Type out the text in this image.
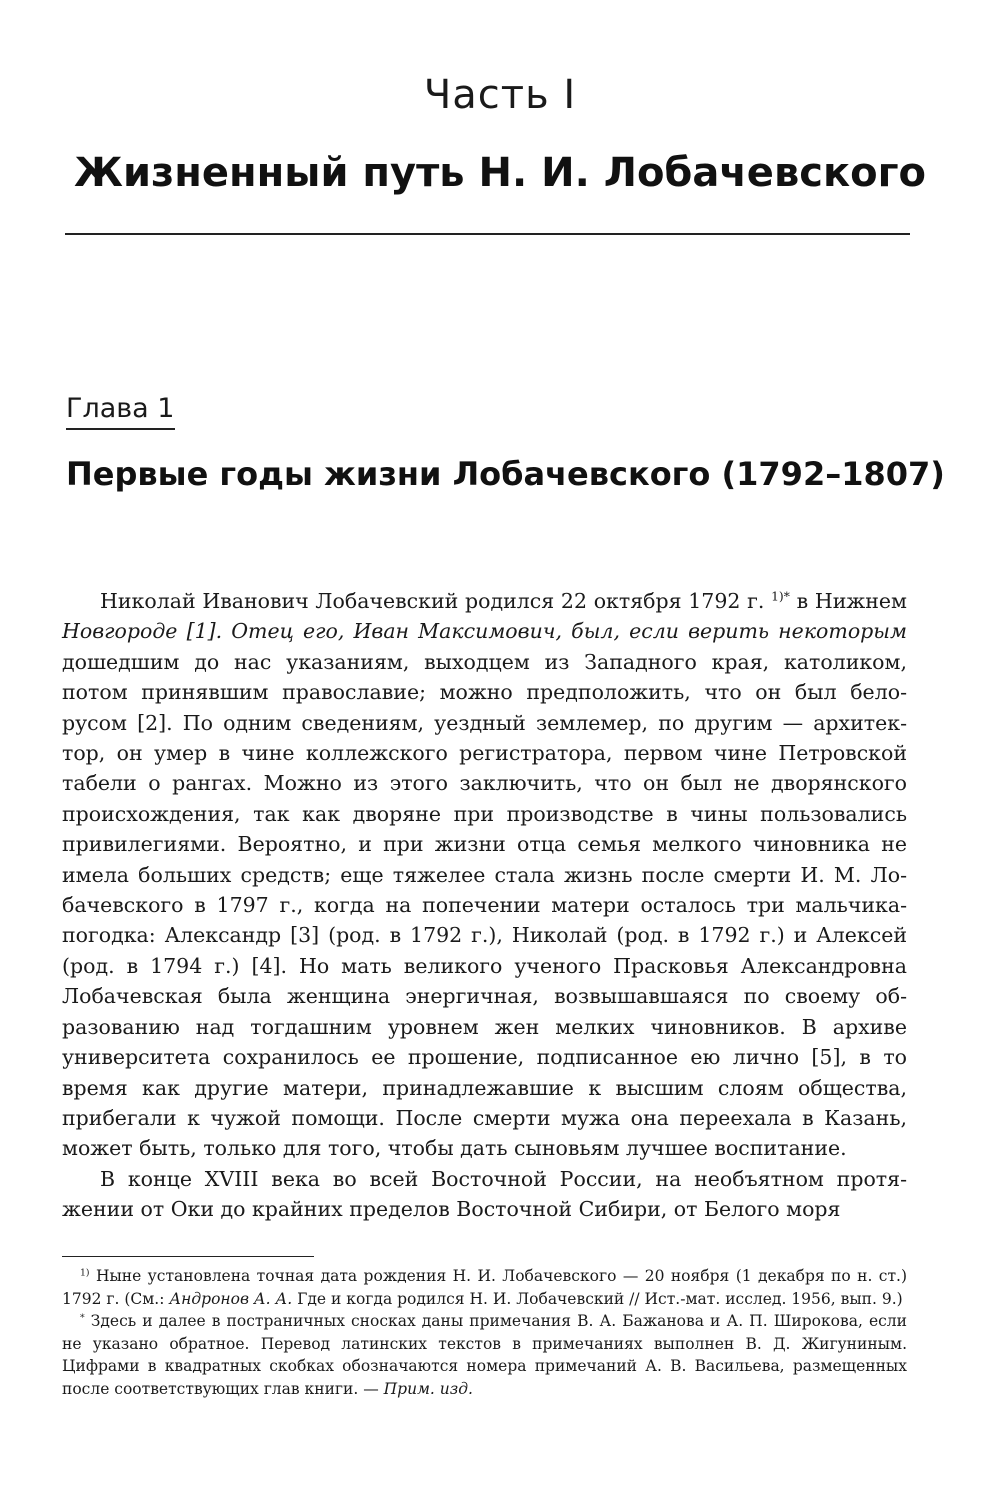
Часть I
Жизненный путь Н. И. Лобачевского
Глава 1
Первые годы жизни Лобачевского (1792–1807)

Николай Иванович Лобачевский родился 22 октября 1792 г. $^{1)*}$ в Нижнем Новгороде [1]. Отец его, Иван Максимович, был, если верить некоторым дошедшим до нас указаниям, выходцем из Западного края, католиком, потом принявшим православие; можно предположить, что он был белорусом [2]. По одним сведениям, уездный землемер, по другим — архитектор, он умер в чине коллежского регистратора, первом чине Петровской табели о рангах. Можно из этого заключить, что он был не дворянского происхождения, так как дворяне при производстве в чины пользовались привилегиями. Вероятно, и при жизни отца семья мелкого чиновника не имела больших средств; еще тяжелее стала жизнь после смерти И. М. Лобачевского в 1797 г., когда на попечении матери осталось три мальчика-погодка: Александр [3] (род. в 1792 г.), Николай (род. в 1792 г.) и Алексей (род. в 1794 г.) [4]. Но мать великого ученого Прасковья Александровна Лобачевская была женщина энергичная, возвышавшаяся по своему образованию над тогдашним уровнем жен мелких чиновников. В архиве университета сохранилось ее прошение, подписанное ею лично [5], в то время как другие матери, принадлежавшие к высшим слоям общества, прибегали к чужой помощи. После смерти мужа она переехала в Казань, может быть, только для того, чтобы дать сыновьям лучшее воспитание.

В конце XVIII века во всей Восточной России, на необъятном протяжении от Оки до крайних пределов Восточной Сибири, от Белого моря

$^{1)}$ Ныне установлена точная дата рождения Н. И. Лобачевского — 20 ноября (1 декабря по н. ст.) 1792 г. (См.: Андронов А. А. Где и когда родился Н. И. Лобачевский // Ист.-мат. исслед. 1956, вып. 9.)

* Здесь и далее в постраничных сносках даны примечания В. А. Бажанова и А. П. Широкова, если не указано обратное. Перевод латинских текстов в примечаниях выполнен В. Д. Жигуниным. Цифрами в квадратных скобках обозначаются номера примечаний А. В. Васильева, размещенных после соответствующих глав книги. — Прим. изд.
